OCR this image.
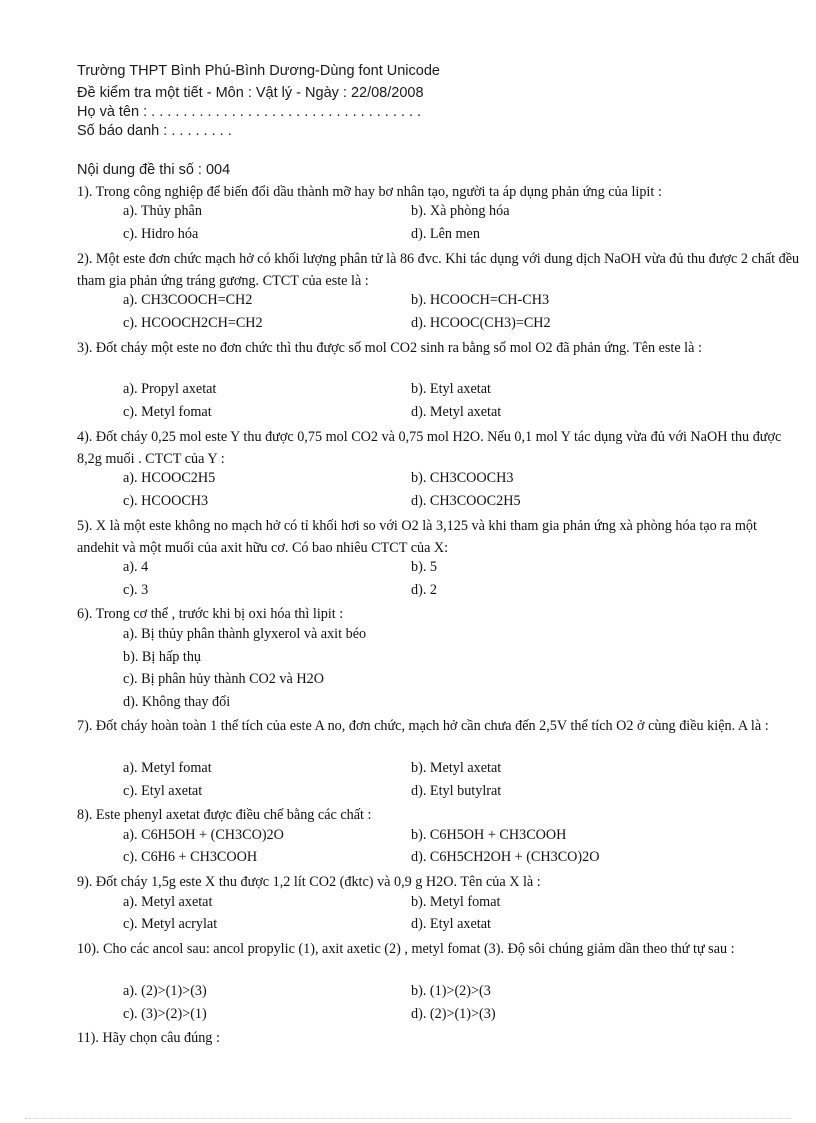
Trường THPT Bình Phú-Bình Dương-Dùng font Unicode
Đề kiểm tra một tiết - Môn : Vật lý - Ngày : 22/08/2008
Họ và tên : . . . . . . . . . . . . . . . . . . . . . . . . . . . . . . . . . .
Số báo danh : . . . . . . . .
Nội dung đề thi số : 004
1). Trong công nghiệp để biến đổi dầu thành mỡ hay bơ nhân tạo, người ta áp dụng phản ứng của lipit :
a). Thủy phân	b). Xà phòng hóa
c). Hidro hóa	d). Lên men
2). Một este đơn chức mạch hở có khối lượng phân tử là 86 đvc. Khi tác dụng với dung dịch NaOH vừa đủ thu được 2 chất đều tham gia phản ứng tráng gương. CTCT của este là :
a). CH3COOCH=CH2	b). HCOOCH=CH-CH3
c). HCOOCH2CH=CH2	d). HCOOC(CH3)=CH2
3). Đốt cháy một este no đơn chức thì thu được số mol CO2 sinh ra bằng số mol O2 đã phản ứng. Tên este là :
a). Propyl axetat	b). Etyl axetat
c). Metyl fomat	d). Metyl axetat
4). Đốt cháy 0,25 mol este Y thu được 0,75 mol CO2 và 0,75 mol H2O. Nếu 0,1 mol Y tác dụng vừa đủ với NaOH thu được 8,2g muối . CTCT của Y :
a). HCOOC2H5	b). CH3COOCH3
c). HCOOCH3	d). CH3COOC2H5
5). X là một este không no mạch hở có tỉ khối hơi so với O2 là 3,125 và khi tham gia phản ứng xà phòng hóa tạo ra một andehit và một muối của axit hữu cơ. Có bao nhiêu CTCT của X:
a). 4	b). 5
c). 3	d). 2
6). Trong cơ thể , trước khi bị oxi hóa thì lipit :
a). Bị thủy phân thành glyxerol và axit béo
b). Bị hấp thụ
c). Bị phân hủy thành CO2 và H2O
d). Không thay đổi
7). Đốt cháy hoàn toàn 1 thể tích của este A no, đơn chức, mạch hở cần chưa đến 2,5V thể tích O2 ở cùng điều kiện. A là :
a). Metyl fomat	b). Metyl axetat
c). Etyl axetat	d). Etyl butylrat
8). Este phenyl axetat được điều chế bằng các chất :
a). C6H5OH + (CH3CO)2O	b). C6H5OH + CH3COOH
c). C6H6 + CH3COOH	d). C6H5CH2OH + (CH3CO)2O
9). Đốt cháy 1,5g este X thu được 1,2 lít CO2 (đktc) và 0,9 g H2O. Tên của X là :
a). Metyl axetat	b). Metyl fomat
c). Metyl acrylat	d). Etyl axetat
10). Cho các ancol sau: ancol propylic (1), axit axetic (2) , metyl fomat (3). Độ sôi chúng giảm dần theo thứ tự sau :
a). (2)>(1)>(3)	b). (1)>(2)>(3
c). (3)>(2)>(1)	d). (2)>(1)>(3)
11). Hãy chọn câu đúng :
